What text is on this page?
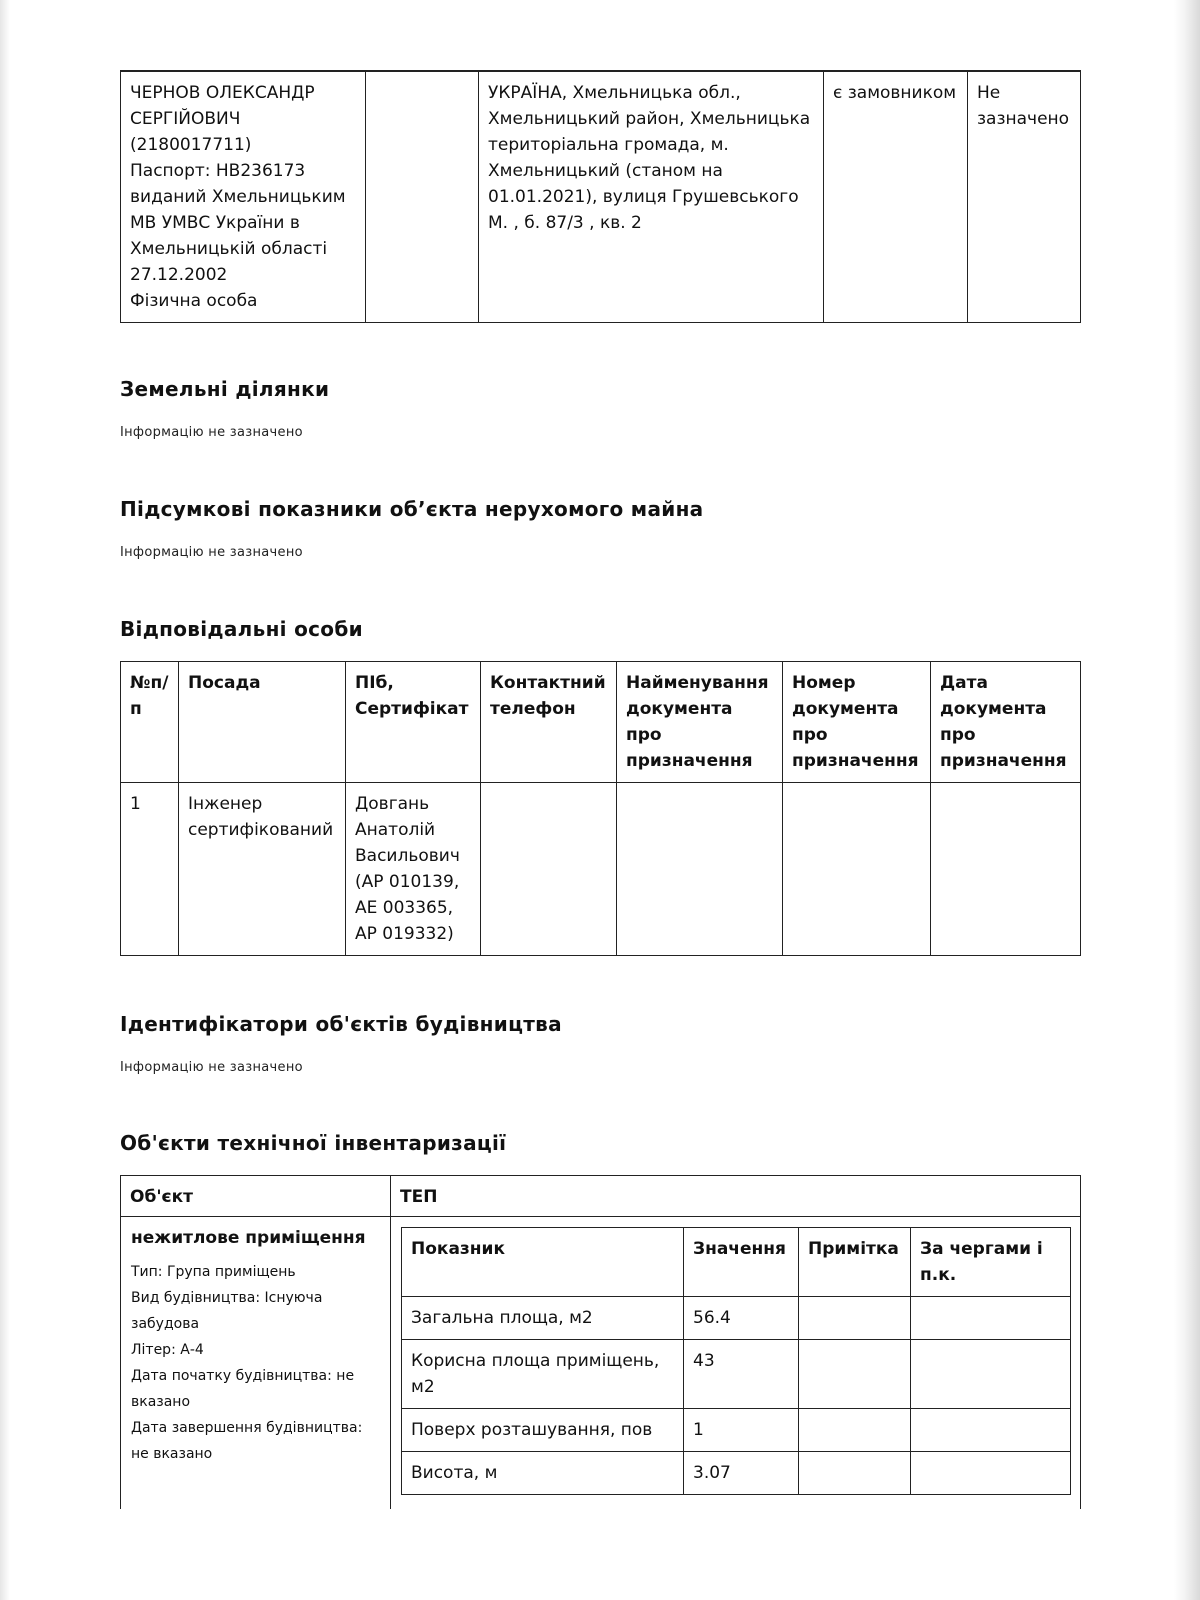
ЧЕРНОВ ОЛЕКСАНДР
СЕРГІЙОВИЧ
(2180017711)
Паспорт: НВ236173
виданий Хмельницьким
МВ УМВС України в
Хмельницькій області
27.12.2002
Фізична особа
		УКРАЇНА, Хмельницька обл., Хмельницький район, Хмельницька територіальна громада, м. Хмельницький (станом на 01.01.2021), вулиця Грушевського М. , б. 87/3 , кв. 2	є замовником	Не зазначено
Земельні ділянки
Інформацію не зазначено
Підсумкові показники об’єкта нерухомого майна
Інформацію не зазначено
Відповідальні особи
№п/п	Посада	ПІб, Сертифікат	Контактний телефон	Найменування документа про призначення	Номер документа про призначення	Дата документа про призначення
1	Інженер сертифікований	Довгань Анатолій Васильович (АР 010139, АЕ 003365, АР 019332)				
Ідентифікатори об'єктів будівництва
Інформацію не зазначено
Об'єкти технічної інвентаризації
Об'єкт	ТЕП

нежитлове приміщення
Тип: Група приміщень
Вид будівництва: Існуюча забудова
Літер: А-4
Дата початку будівництва: не вказано
Дата завершення будівництва: не вказано

Показник	Значення	Примітка	За чергами і п.к.
Загальна площа, м2	56.4		
Корисна площа приміщень, м2	43		
Поверх розташування, пов	1		
Висота, м	3.07		
